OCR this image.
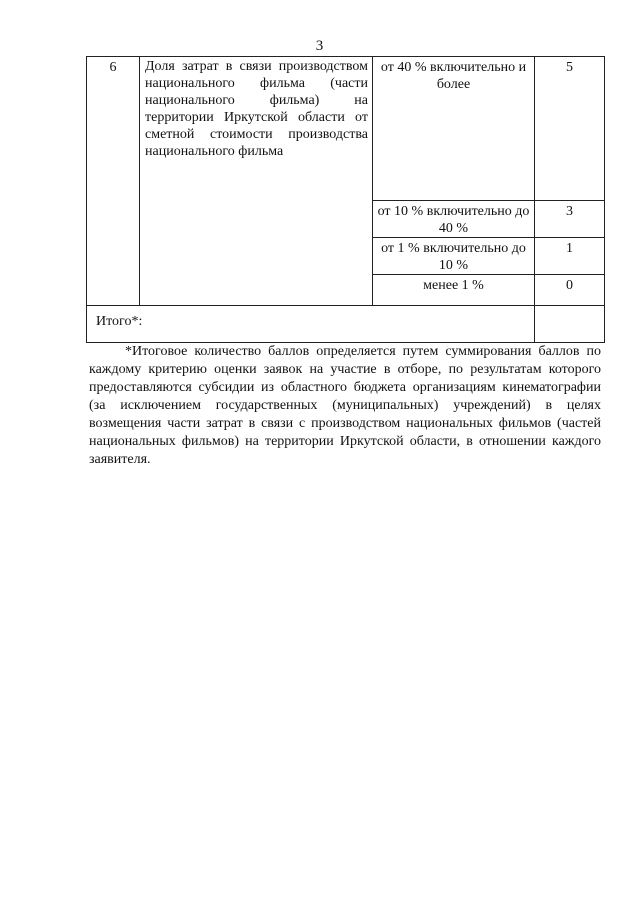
3
6	Доля затрат в связи производством национального фильма (части национального фильма) на территории Иркутской области от сметной стоимости производства национального фильма	от 40 % включительно и более	5
		от 10 % включительно до 40 %	3
		от 1 % включительно до 10 %	1
		менее 1 %	0
Итого*:			

*Итоговое количество баллов определяется путем суммирования баллов по каждому критерию оценки заявок на участие в отборе, по результатам которого предоставляются субсидии из областного бюджета организациям кинематографии (за исключением государственных (муниципальных) учреждений) в целях возмещения части затрат в связи с производством национальных фильмов (частей национальных фильмов) на территории Иркутской области, в отношении каждого заявителя.
